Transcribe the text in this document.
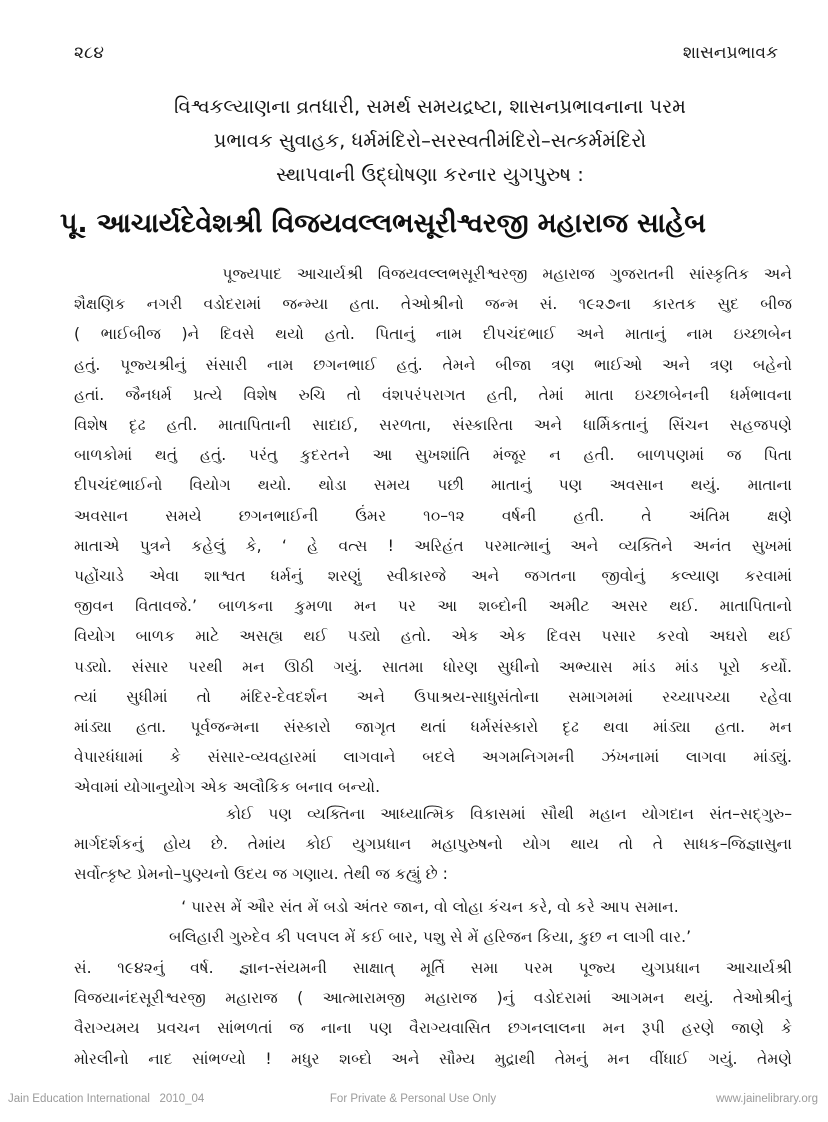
૨૮૪	શાસનપ્રભાવક
વિશ્વકલ્યાણના વ્રતધારી, સમર્થ સમયદ્રષ્ટા, શાસનપ્રભાવનાના પરમ
પ્રભાવક સુવાહક, ધર્મમંદિરો–સરસ્વતીમંદિરો–સત્કર્મમંદિરો
સ્થાપવાની ઉદ્‌ઘોષણા કરનાર યુગપુરુષ :
પૂ. આચાર્યદેવેશશ્રી વિજયવલ્લભસૂરીશ્વરજી મહારાજ સાહેબ
પૂજ્યપાદ આચાર્યશ્રી વિજયવલ્લભસૂરીશ્વરજી મહારાજ ગુજરાતની સાંસ્કૃતિક અને
શૈક્ષણિક નગરી વડોદરામાં જન્મ્યા હતા. તેઓશ્રીનો જન્મ સં. ૧૯૨૭ના કારતક સુદ બીજ
( ભાઈબીજ )ને દિવસે થયો હતો. પિતાનું નામ દીપચંદભાઈ અને માતાનું નામ ઇચ્છાબેન
હતું. પૂજ્યશ્રીનું સંસારી નામ છગનભાઈ હતું. તેમને બીજા ત્રણ ભાઈઓ અને ત્રણ બહેનો
હતાં. જૈનધર્મ પ્રત્યે વિશેષ રુચિ તો વંશપરંપરાગત હતી, તેમાં માતા ઇચ્છાબેનની ધર્મભાવના
વિશેષ દૃઢ હતી. માતાપિતાની સાદાઈ, સરળતા, સંસ્કારિતા અને ધાર્મિકતાનું સિંચન સહજપણે
બાળકોમાં થતું હતું. પરંતુ કુદરતને આ સુખશાંતિ મંજૂર ન હતી. બાળપણમાં જ પિતા
દીપચંદભાઈનો વિયોગ થયો. થોડા સમય પછી માતાનું પણ અવસાન થયું. માતાના
અવસાન સમયે છગનભાઈની ઉંમર ૧૦–૧૨ વર્ષની હતી. તે અંતિમ ક્ષણે
માતાએ પુત્રને કહેલું કે, ‘ હે વત્સ ! અરિહંત પરમાત્માનું અને વ્યક્તિને અનંત સુખમાં
પહોંચાડે એવા શાશ્વત ધર્મનું શરણું સ્વીકારજે અને જગતના જીવોનું કલ્યાણ કરવામાં
જીવન વિતાવજે.’ બાળકના કુમળા મન પર આ શબ્દોની અમીટ અસર થઈ. માતાપિતાનો
વિયોગ બાળક માટે અસહ્ય થઈ પડ્યો હતો. એક એક દિવસ પસાર કરવો અઘરો થઈ
પડ્યો. સંસાર પરથી મન ઊઠી ગયું. સાતમા ધોરણ સુધીનો અભ્યાસ માંડ માંડ પૂરો કર્યો.
ત્યાં સુધીમાં તો મંદિર-દેવદર્શન અને ઉપાશ્રય-સાધુસંતોના સમાગમમાં રચ્યાપચ્યા રહેવા
માંડ્યા હતા. પૂર્વજન્મના સંસ્કારો જાગૃત થતાં ધર્મસંસ્કારો દૃઢ થવા માંડ્યા હતા. મન
વેપારધંધામાં કે સંસાર-વ્યવહારમાં લાગવાને બદલે અગમનિગમની ઝંખનામાં લાગવા માંડ્યું.
એવામાં યોગાનુયોગ એક અલૌકિક બનાવ બન્યો.
કોઈ પણ વ્યક્તિના આધ્યાત્મિક વિકાસમાં સૌથી મહાન યોગદાન સંત–સદ્‌ગુરુ–
માર્ગદર્શકનું હોય છે. તેમાંય કોઈ યુગપ્રધાન મહાપુરુષનો યોગ થાય તો તે સાધક–જિજ્ઞાસુના
સર્વોત્કૃષ્ટ પ્રેમનો–પુણ્યનો ઉદય જ ગણાય. તેથી જ કહ્યું છે :
‘ પારસ મેં ઔર સંત મેં બડો અંતર જાન, વો લોહા કંચન કરે, વો કરે આપ સમાન.
બલિહારી ગુરુદેવ કી પલપલ મેં કઈ બાર, પશુ સે મેં હરિજન કિયા, કુછ ન લાગી વાર.’
સં. ૧૯૪૨નું વર્ષ. જ્ઞાન-સંયમની સાક્ષાત્‌ મૂર્તિ સમા પરમ પૂજ્ય યુગપ્રધાન આચાર્યશ્રી
વિજયાનંદસૂરીશ્વરજી મહારાજ ( આત્મારામજી મહારાજ )નું વડોદરામાં આગમન થયું. તેઓશ્રીનું
વૈરાગ્યમય પ્રવચન સાંભળતાં જ નાના પણ વૈરાગ્યવાસિત છગનલાલના મન રૂપી હરણે જાણે કે
મોરલીનો નાદ સાંભળ્યો ! મધુર શબ્દો અને સૌમ્ય મુદ્રાથી તેમનું મન વીંધાઈ ગયું. તેમણે
Jain Education International   2010_04	For Private & Personal Use Only	www.jainelibrary.org
